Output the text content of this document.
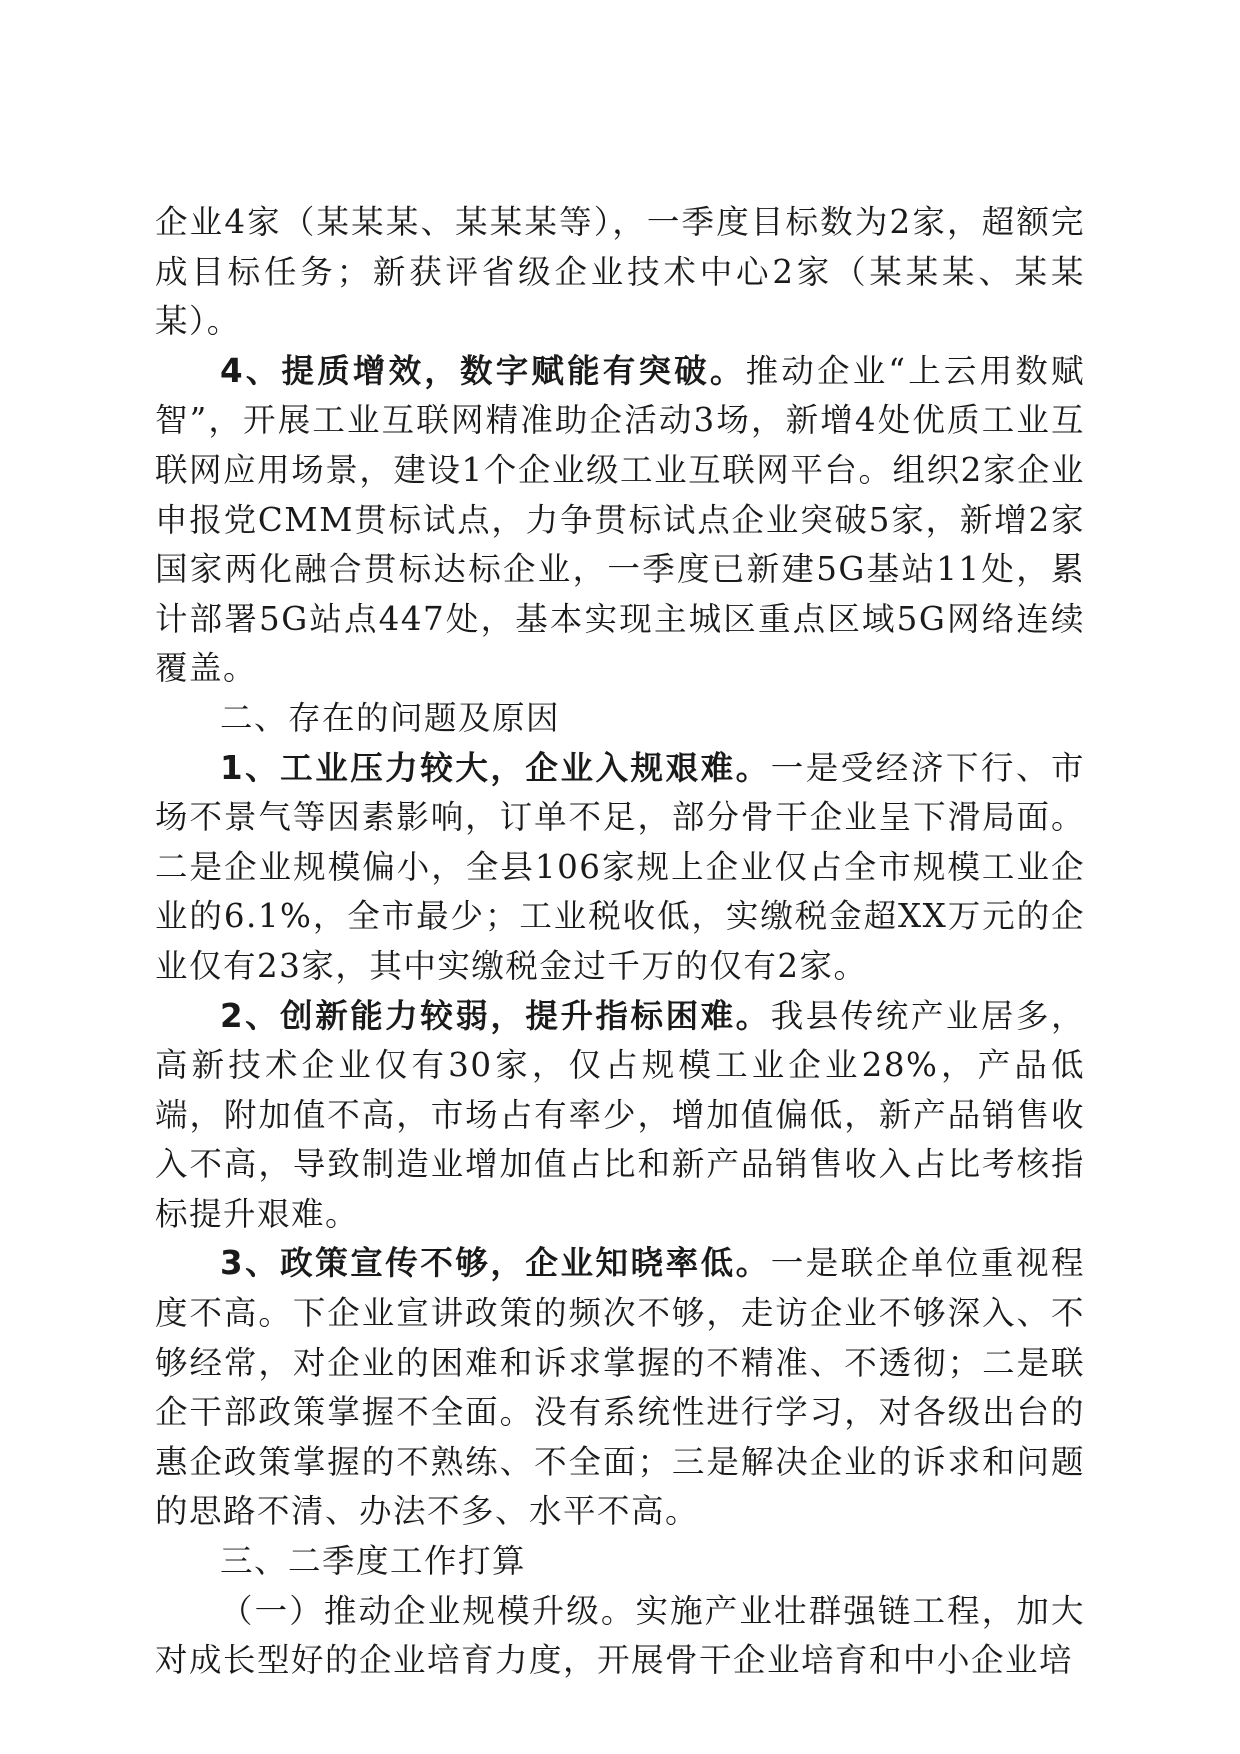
企业4家（某某某、某某某等），一季度目标数为2家，超额完成目标任务；新获评省级企业技术中心2家（某某某、某某某）。

4、提质增效，数字赋能有突破。推动企业“上云用数赋智”，开展工业互联网精准助企活动3场，新增4处优质工业互联网应用场景，建设1个企业级工业互联网平台。组织2家企业申报党CMM贯标试点，力争贯标试点企业突破5家，新增2家国家两化融合贯标达标企业，一季度已新建5G基站11处，累计部署5G站点447处，基本实现主城区重点区域5G网络连续覆盖。

二、存在的问题及原因

1、工业压力较大，企业入规艰难。一是受经济下行、市场不景气等因素影响，订单不足，部分骨干企业呈下滑局面。二是企业规模偏小，全县106家规上企业仅占全市规模工业企业的6.1%，全市最少；工业税收低，实缴税金超XX万元的企业仅有23家，其中实缴税金过千万的仅有2家。

2、创新能力较弱，提升指标困难。我县传统产业居多，高新技术企业仅有30家，仅占规模工业企业28%，产品低端，附加值不高，市场占有率少，增加值偏低，新产品销售收入不高，导致制造业增加值占比和新产品销售收入占比考核指标提升艰难。

3、政策宣传不够，企业知晓率低。一是联企单位重视程度不高。下企业宣讲政策的频次不够，走访企业不够深入、不够经常，对企业的困难和诉求掌握的不精准、不透彻；二是联企干部政策掌握不全面。没有系统性进行学习，对各级出台的惠企政策掌握的不熟练、不全面；三是解决企业的诉求和问题的思路不清、办法不多、水平不高。

三、二季度工作打算

（一）推动企业规模升级。实施产业壮群强链工程，加大对成长型好的企业培育力度，开展骨干企业培育和中小企业培
